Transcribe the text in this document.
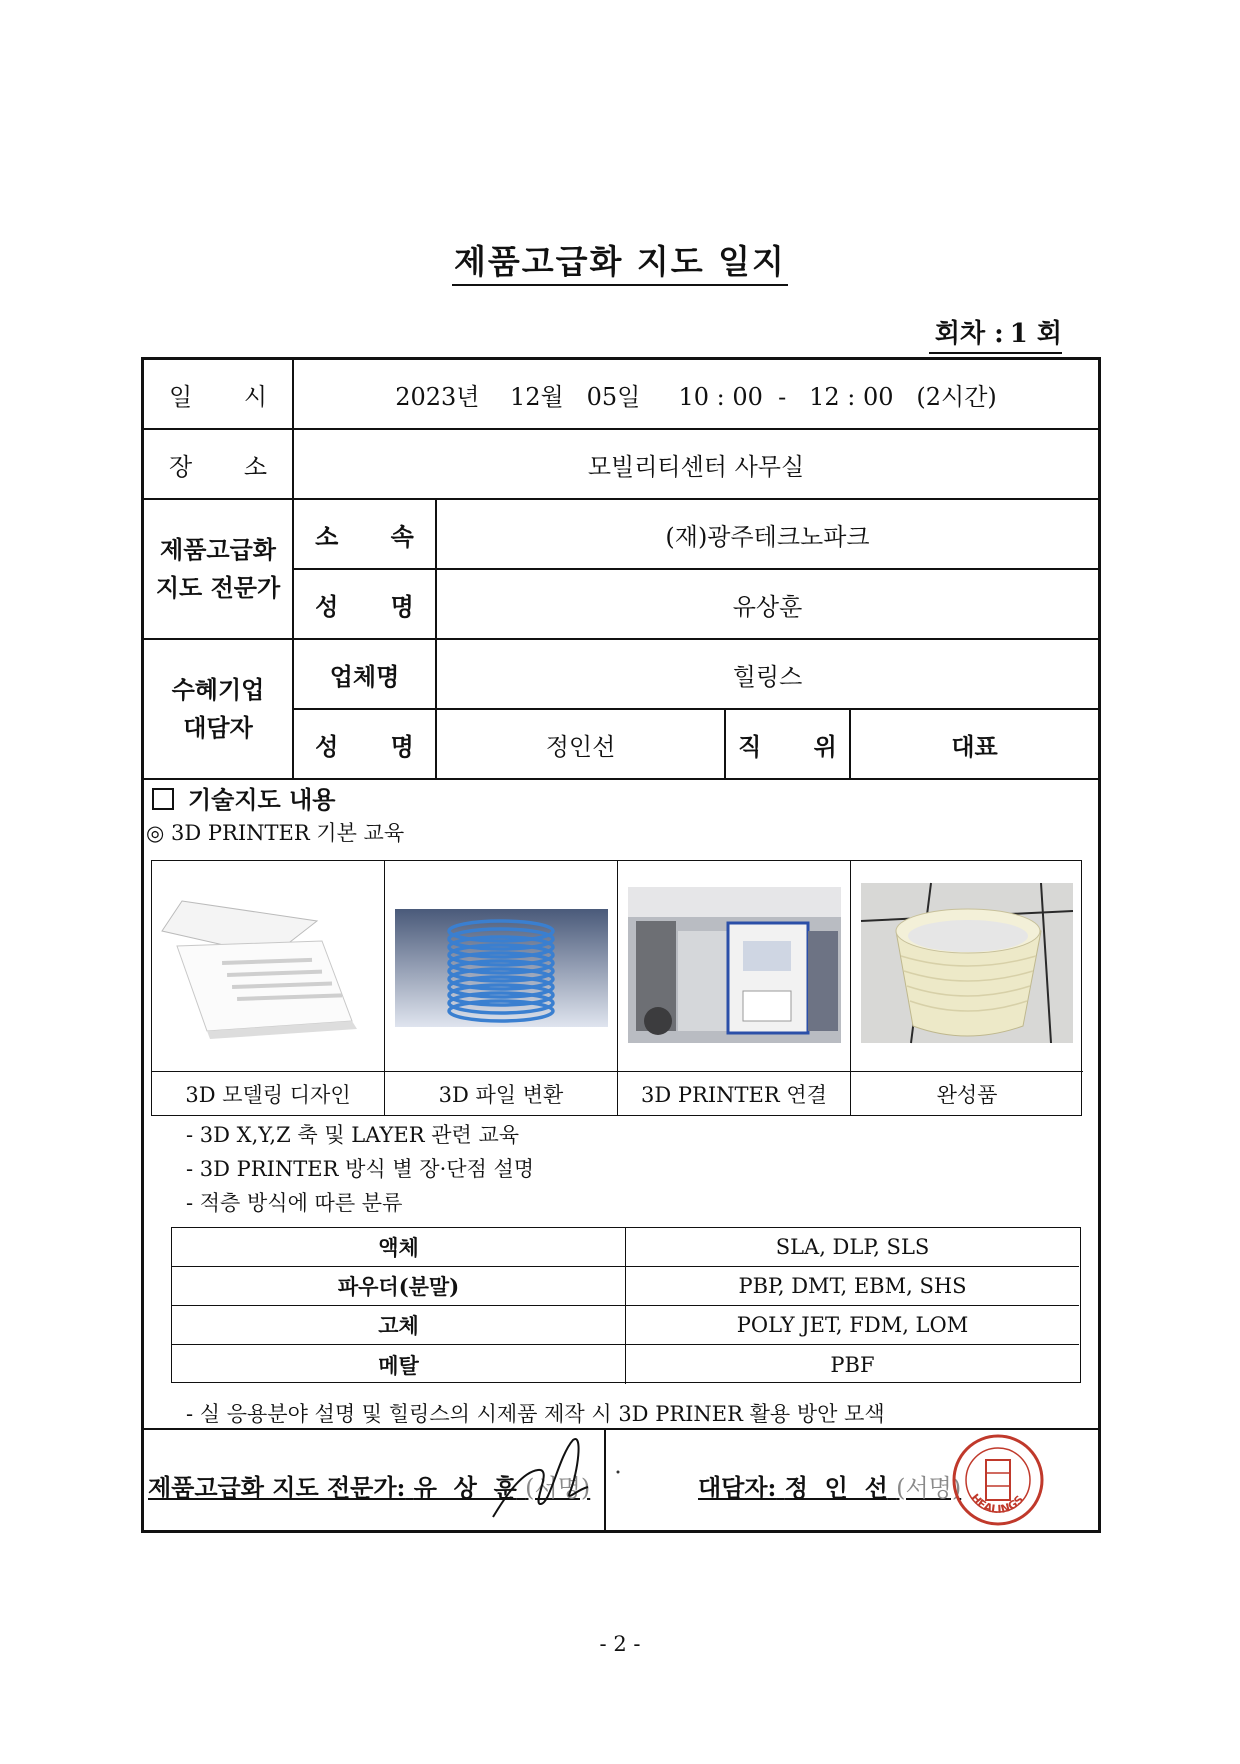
제품고급화 지도 일지
회차 : 1 회
일 시	2023년    12월   05일     10 : 00  -   12 : 00   (2시간)
장 소	모빌리티센터 사무실
제품고급화
지도 전문가
소 속	(재)광주테크노파크
성 명	유상훈
수혜기업
대담자
업체명	힐링스
성 명	정인선	직 위	대표
기술지도 내용
◎ 3D PRINTER 기본 교육
3D 모델링 디자인	3D 파일 변환	3D PRINTER 연결	완성품
- 3D X,Y,Z 축 및 LAYER 관련 교육
- 3D PRINTER 방식 별 장·단점 설명
- 적층 방식에 따른 분류
액체	SLA, DLP, SLS
파우더(분말)	PBP, DMT, EBM, SHS
고체	POLY JET, FDM, LOM
메탈	PBF
- 실 응용분야 설명 및 힐링스의 시제품 제작 시 3D PRINER 활용 방안 모색
제품고급화 지도 전문가: 유  상  훈 (서명)	대담자: 정  인  선 (서명) HEALINGS
- 2 -
